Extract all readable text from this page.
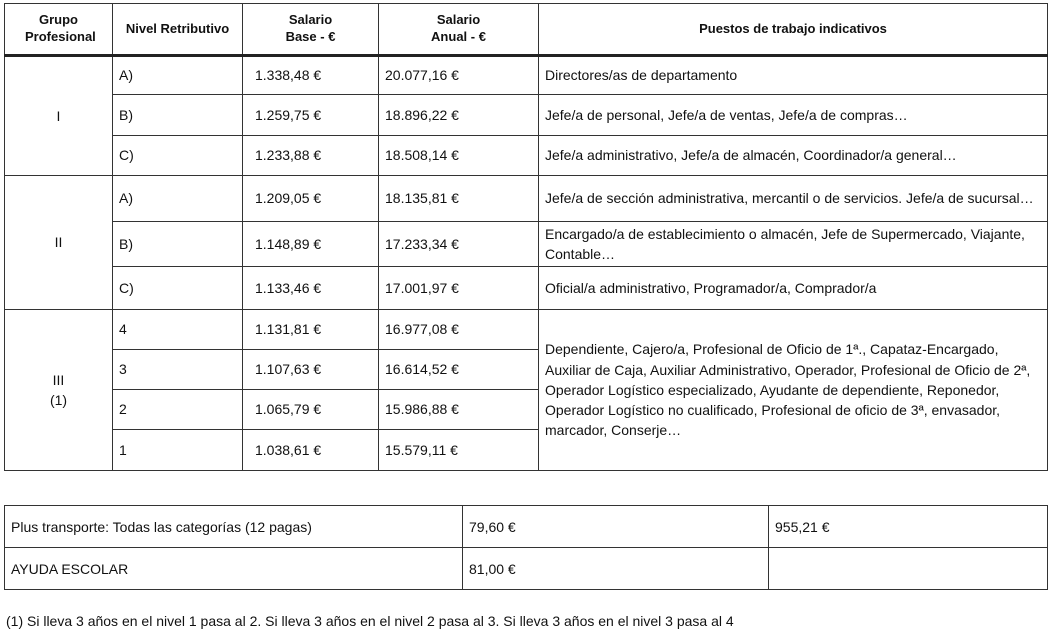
Grupo Profesional	Nivel Retributivo	Salario Base - €	Salario Anual - €	Puestos de trabajo indicativos

I	A)	1.338,48 €	20.077,16 €	Directores/as de departamento
	B)	1.259,75 €	18.896,22 €	Jefe/a de personal, Jefe/a de ventas, Jefe/a de compras…
	C)	1.233,88 €	18.508,14 €	Jefe/a administrativo, Jefe/a de almacén, Coordinador/a general…

II	A)	1.209,05 €	18.135,81 €	Jefe/a de sección administrativa, mercantil o de servicios. Jefe/a de sucursal…
	B)	1.148,89 €	17.233,34 €	Encargado/a de establecimiento o almacén, Jefe de Supermercado, Viajante, Contable…
	C)	1.133,46 €	17.001,97 €	Oficial/a administrativo, Programador/a, Comprador/a

III
(1)	4	1.131,81 €	16.977,08 €	Dependiente, Cajero/a, Profesional de Oficio de 1ª., Capataz-Encargado, Auxiliar de Caja, Auxiliar Administrativo, Operador, Profesional de Oficio de 2ª, Operador Logístico especializado, Ayudante de dependiente, Reponedor, Operador Logístico no cualificado, Profesional de oficio de 3ª, envasador, marcador, Conserje…
	3	1.107,63 €	16.614,52 €	
	2	1.065,79 €	15.986,88 €	
	1	1.038,61 €	15.579,11 €	
Plus transporte: Todas las categorías (12 pagas)	79,60 €	955,21 €
AYUDA ESCOLAR	81,00 €	
(1) Si lleva 3 años en el nivel 1 pasa al 2. Si lleva 3 años en el nivel 2 pasa al 3. Si lleva 3 años en el nivel 3 pasa al 4
